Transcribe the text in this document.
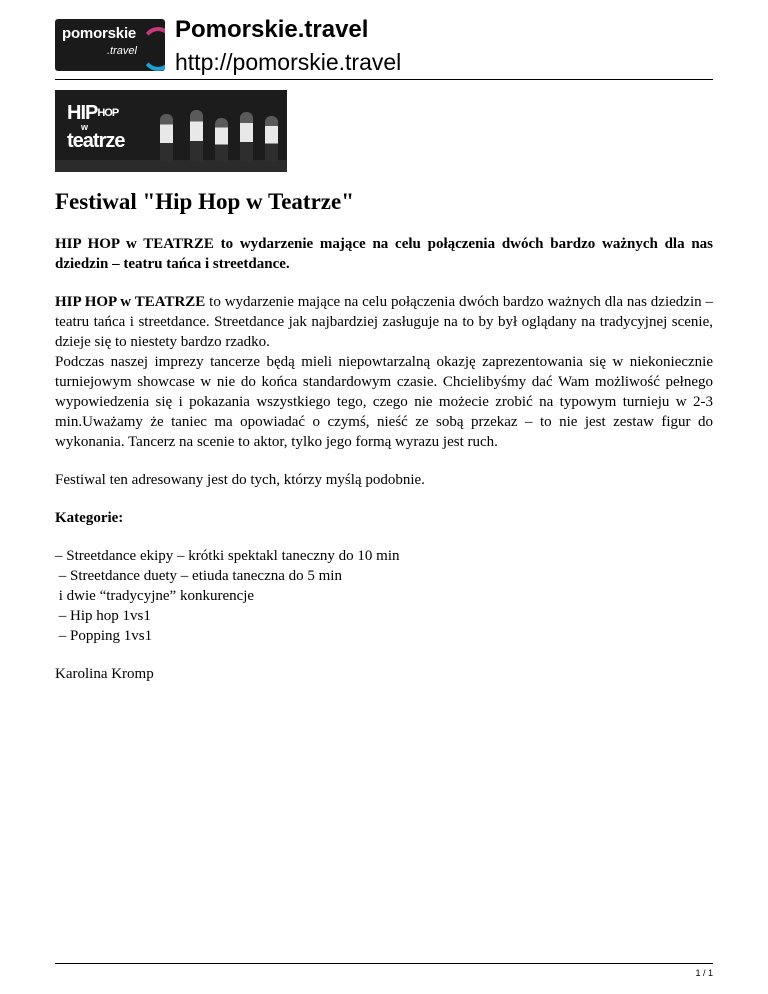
pomorskie
.travel
Pomorskie.travel
http://pomorskie.travel
$HIP^{HOP}$
w
teatrze
Festiwal "Hip Hop w Teatrze"

HIP HOP w TEATRZE to wydarzenie mające na celu połączenia dwóch bardzo ważnych dla nas dziedzin – teatru tańca i streetdance.

HIP HOP w TEATRZE to wydarzenie mające na celu połączenia dwóch bardzo ważnych dla nas dziedzin – teatru tańca i streetdance. Streetdance jak najbardziej zasługuje na to by był oglądany na tradycyjnej scenie, dzieje się to niestety bardzo rzadko.

Podczas naszej imprezy tancerze będą mieli niepowtarzalną okazję zaprezentowania się w niekoniecznie turniejowym showcase w nie do końca standardowym czasie. Chcielibyśmy dać Wam możliwość pełnego wypowiedzenia się i pokazania wszystkiego tego, czego nie możecie zrobić na typowym turnieju w 2-3 min.Uważamy że taniec ma opowiadać o czymś, nieść ze sobą przekaz – to nie jest zestaw figur do wykonania. Tancerz na scenie to aktor, tylko jego formą wyrazu jest ruch.

Festiwal ten adresowany jest do tych, którzy myślą podobnie.

Kategorie:

– Streetdance ekipy – krótki spektakl taneczny do 10 min
– Streetdance duety – etiuda taneczna do 5 min
i dwie “tradycyjne” konkurencje
– Hip hop 1vs1
– Popping 1vs1

Karolina Kromp

1 / 1
